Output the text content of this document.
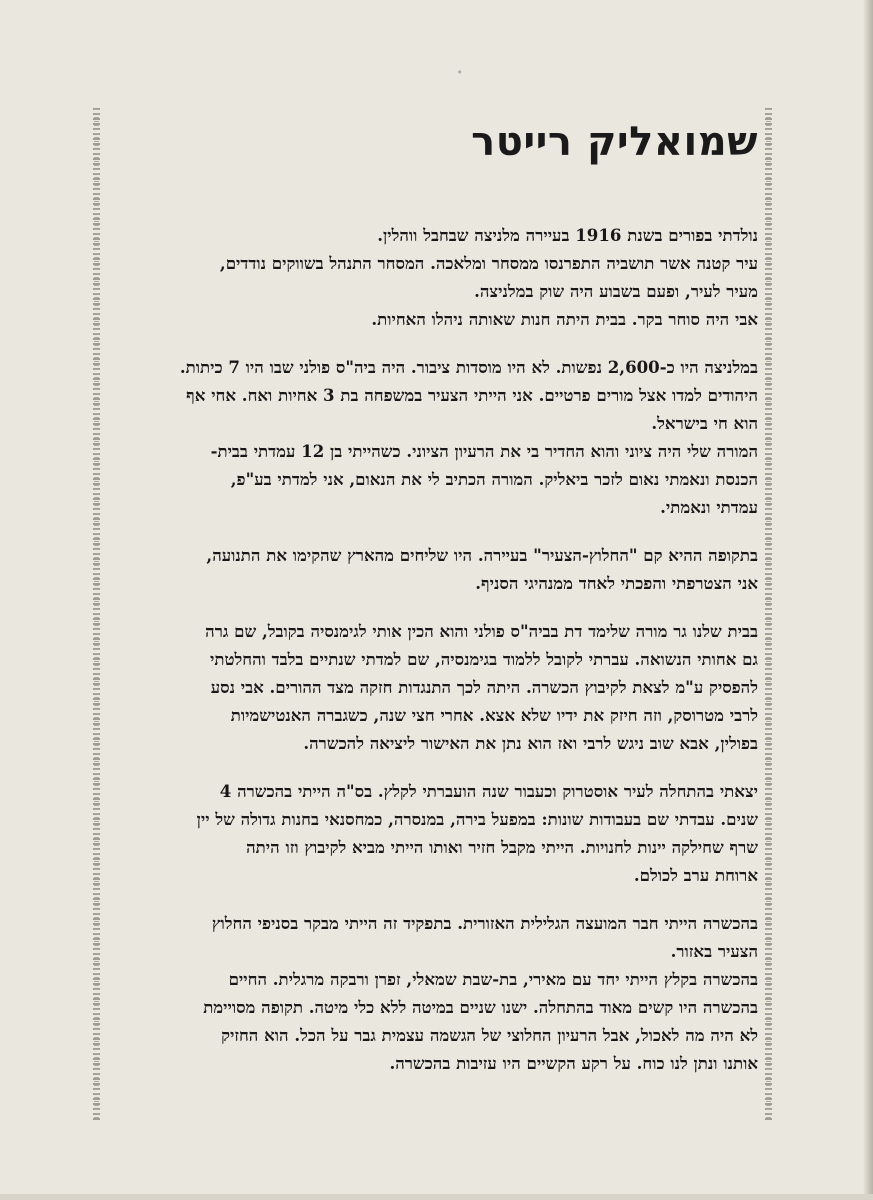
•
שמואליק רייטר
נולדתי בפורים בשנת 1916 בעיירה מלניצה שבחבל ווהלין.
עיר קטנה אשר תושביה התפרנסו ממסחר ומלאכה. המסחר התנהל בשווקים נודדים,
מעיר לעיר, ופעם בשבוע היה שוק במלניצה.
אבי היה סוחר בקר. בבית היתה חנות שאותה ניהלו האחיות.
במלניצה היו כ-2,600 נפשות. לא היו מוסדות ציבור. היה ביה"ס פולני שבו היו 7 כיתות.
היהודים למדו אצל מורים פרטיים. אני הייתי הצעיר במשפחה בת 3 אחיות ואח. אחי אף
הוא חי בישראל.
המורה שלי היה ציוני והוא החדיר בי את הרעיון הציוני. כשהייתי בן 12 עמדתי בבית-
הכנסת ונאמתי נאום לזכר ביאליק. המורה הכתיב לי את הנאום, אני למדתי בע"פ,
עמדתי ונאמתי.
בתקופה ההיא קם "החלוץ-הצעיר" בעיירה. היו שליחים מהארץ שהקימו את התנועה,
אני הצטרפתי והפכתי לאחד ממנהיגי הסניף.
בבית שלנו גר מורה שלימד דת בביה"ס פולני והוא הכין אותי לגימנסיה בקובל, שם גרה
גם אחותי הנשואה. עברתי לקובל ללמוד בגימנסיה, שם למדתי שנתיים בלבד והחלטתי
להפסיק ע"מ לצאת לקיבוץ הכשרה. היתה לכך התנגדות חזקה מצד ההורים. אבי נסע
לרבי מטרוסק, וזה חיזק את ידיו שלא אצא. אחרי חצי שנה, כשגברה האנטישמיות
בפולין, אבא שוב ניגש לרבי ואז הוא נתן את האישור ליציאה להכשרה.
יצאתי בהתחלה לעיר אוסטרוק וכעבור שנה הועברתי לקלץ. בס"ה הייתי בהכשרה 4
שנים. עבדתי שם בעבודות שונות: במפעל בירה, במנסרה, כמחסנאי בחנות גדולה של יין
שרף שחילקה יינות לחנויות. הייתי מקבל חזיר ואותו הייתי מביא לקיבוץ וזו היתה
ארוחת ערב לכולם.
בהכשרה הייתי חבר המועצה הגלילית האזורית. בתפקיד זה הייתי מבקר בסניפי החלוץ
הצעיר באזור.
בהכשרה בקלץ הייתי יחד עם מאירי, בת-שבת שמאלי, זפרן ורבקה מרגלית. החיים
בהכשרה היו קשים מאוד בהתחלה. ישנו שניים במיטה ללא כלי מיטה. תקופה מסויימת
לא היה מה לאכול, אבל הרעיון החלוצי של הגשמה עצמית גבר על הכל. הוא החזיק
אותנו ונתן לנו כוח. על רקע הקשיים היו עזיבות בהכשרה.
